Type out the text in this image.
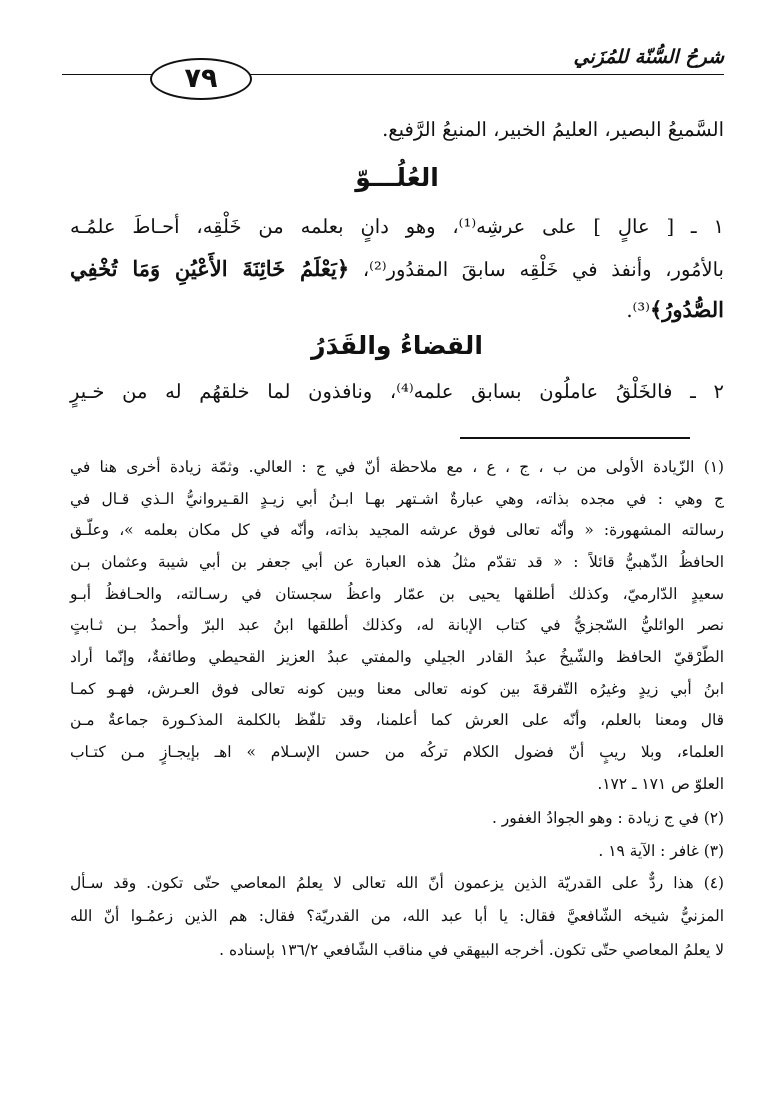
شرحُ السُّنّة للمُزَني
٧٩
السَّميعُ البصير، العليمُ الخبير، المنيعُ الرَّفيع.
العُلُـــوّ
١ ـ [ عالٍ ] على عرشِه⁽¹⁾، وهو دانٍ بعلمه من خَلْقِه، أحـاطَ علمُـه
بالأمُور، وأنفذ في خَلْقِه سابقَ المقدُور⁽²⁾، ﴿يَعْلَمُ خَائِنَةَ الأَعْيُنِ وَمَا تُخْفِي
الصُّدُورُ﴾⁽³⁾.
القضاءُ والقَدَرُ
٢ ـ فالخَلْقُ عاملُون بسابق علمه⁽⁴⁾، ونافذون لما خلقهُم له من خـيرٍ
(١) الزّيادة الأولى من ب ، ج ، ع ، مع ملاحظة أنّ في ج : العالي. وثمّة زيادة أخرى هنا في
ج وهي : في مجده بذاته، وهي عبارةٌ اشـتهر بهـا ابـنُ أبي زيـدٍ القـيروانيُّ الـذي قـال في
رسالته المشهورة: « وأنّه تعالى فوق عرشه المجيد بذاته، وأنّه في كل مكان بعلمه »، وعلّـق
الحافظُ الذّهبيُّ قائلاً : « قد تقدّم مثلُ هذه العبارة عن أبي جعفر بن أبي شيبة وعثمان بـن
سعيدٍ الدّارميّ، وكذلك أطلقها يحيى بن عمّار واعظُ سجستان في رسـالته، والحـافظُ أبـو
نصر الوائليُّ السّجزيُّ في كتاب الإبانة له، وكذلك أطلقها ابنُ عبد البرّ وأحمدُ بـن ثـابتٍ
الطّرْقيّ الحافظ والشّيخُ عبدُ القادر الجيلي والمفتي عبدُ العزيز القحيطي وطائفةٌ، وإنّما أراد
ابنُ أبي زيدٍ وغيرُه التّفرقةَ بين كونه تعالى معنا وبين كونه تعالى فوق العـرش، فهـو كمـا
قال ومعنا بالعلم، وأنّه على العرش كما أعلمنا، وقد تلفّظ بالكلمة المذكـورة جماعةٌ مـن
العلماء، وبلا ريبٍ أنّ فضول الكلام تركُه من حسن الإسـلام » اهـ بإيجـازٍ مـن كتـاب
العلوّ ص ١٧١ ـ ١٧٢.
(٢) في ج زيادة : وهو الجوادُ الغفور .
(٣) غافر : الآية ١٩ .
(٤) هذا ردٌّ على القدريّة الذين يزعمون أنّ الله تعالى لا يعلمُ المعاصي حتّى تكون. وقد سـأل
المزنيُّ شيخه الشّافعيَّ فقال: يا أبا عبد الله، من القدريّة؟ فقال: هم الذين زعمُـوا أنّ الله
لا يعلمُ المعاصي حتّى تكون. أخرجه البيهقي في مناقب الشّافعي ١٣٦/٢ بإسناده .
